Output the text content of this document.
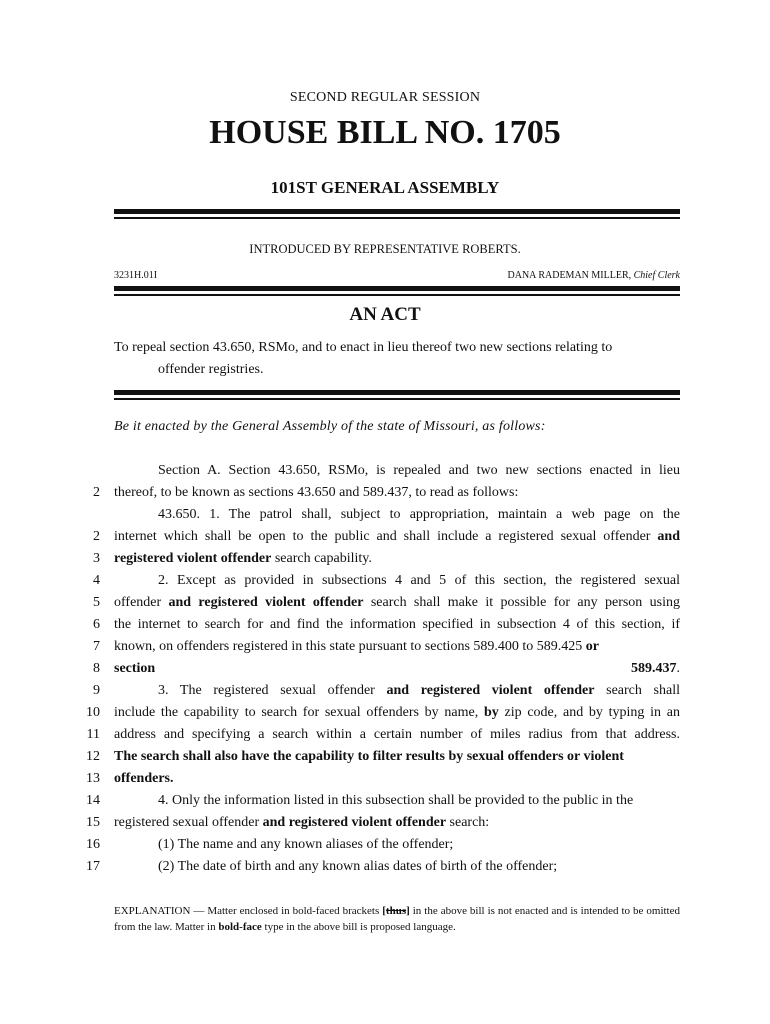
SECOND REGULAR SESSION
HOUSE BILL NO. 1705
101ST GENERAL ASSEMBLY
INTRODUCED BY REPRESENTATIVE ROBERTS.
3231H.01I	DANA RADEMAN MILLER, Chief Clerk
AN ACT
To repeal section 43.650, RSMo, and to enact in lieu thereof two new sections relating to
offender registries.
Be it enacted by the General Assembly of the state of Missouri, as follows:
Section A. Section 43.650, RSMo, is repealed and two new sections enacted in lieu
2 thereof, to be known as sections 43.650 and 589.437, to read as follows:
43.650. 1. The patrol shall, subject to appropriation, maintain a web page on the
2 internet which shall be open to the public and shall include a registered sexual offender and
3 registered violent offender search capability.
4	2. Except as provided in subsections 4 and 5 of this section, the registered sexual
5 offender and registered violent offender search shall make it possible for any person using
6 the internet to search for and find the information specified in subsection 4 of this section, if
7 known, on offenders registered in this state pursuant to sections 589.400 to 589.425 or
8 section 589.437.
9	3. The registered sexual offender and registered violent offender search shall
10 include the capability to search for sexual offenders by name, by zip code, and by typing in an
11 address and specifying a search within a certain number of miles radius from that address.
12 The search shall also have the capability to filter results by sexual offenders or violent
13 offenders.
14	4. Only the information listed in this subsection shall be provided to the public in the
15 registered sexual offender and registered violent offender search:
16	(1) The name and any known aliases of the offender;
17	(2) The date of birth and any known alias dates of birth of the offender;
EXPLANATION — Matter enclosed in bold-faced brackets [thus] in the above bill is not enacted and is intended to be omitted from the law. Matter in bold-face type in the above bill is proposed language.
